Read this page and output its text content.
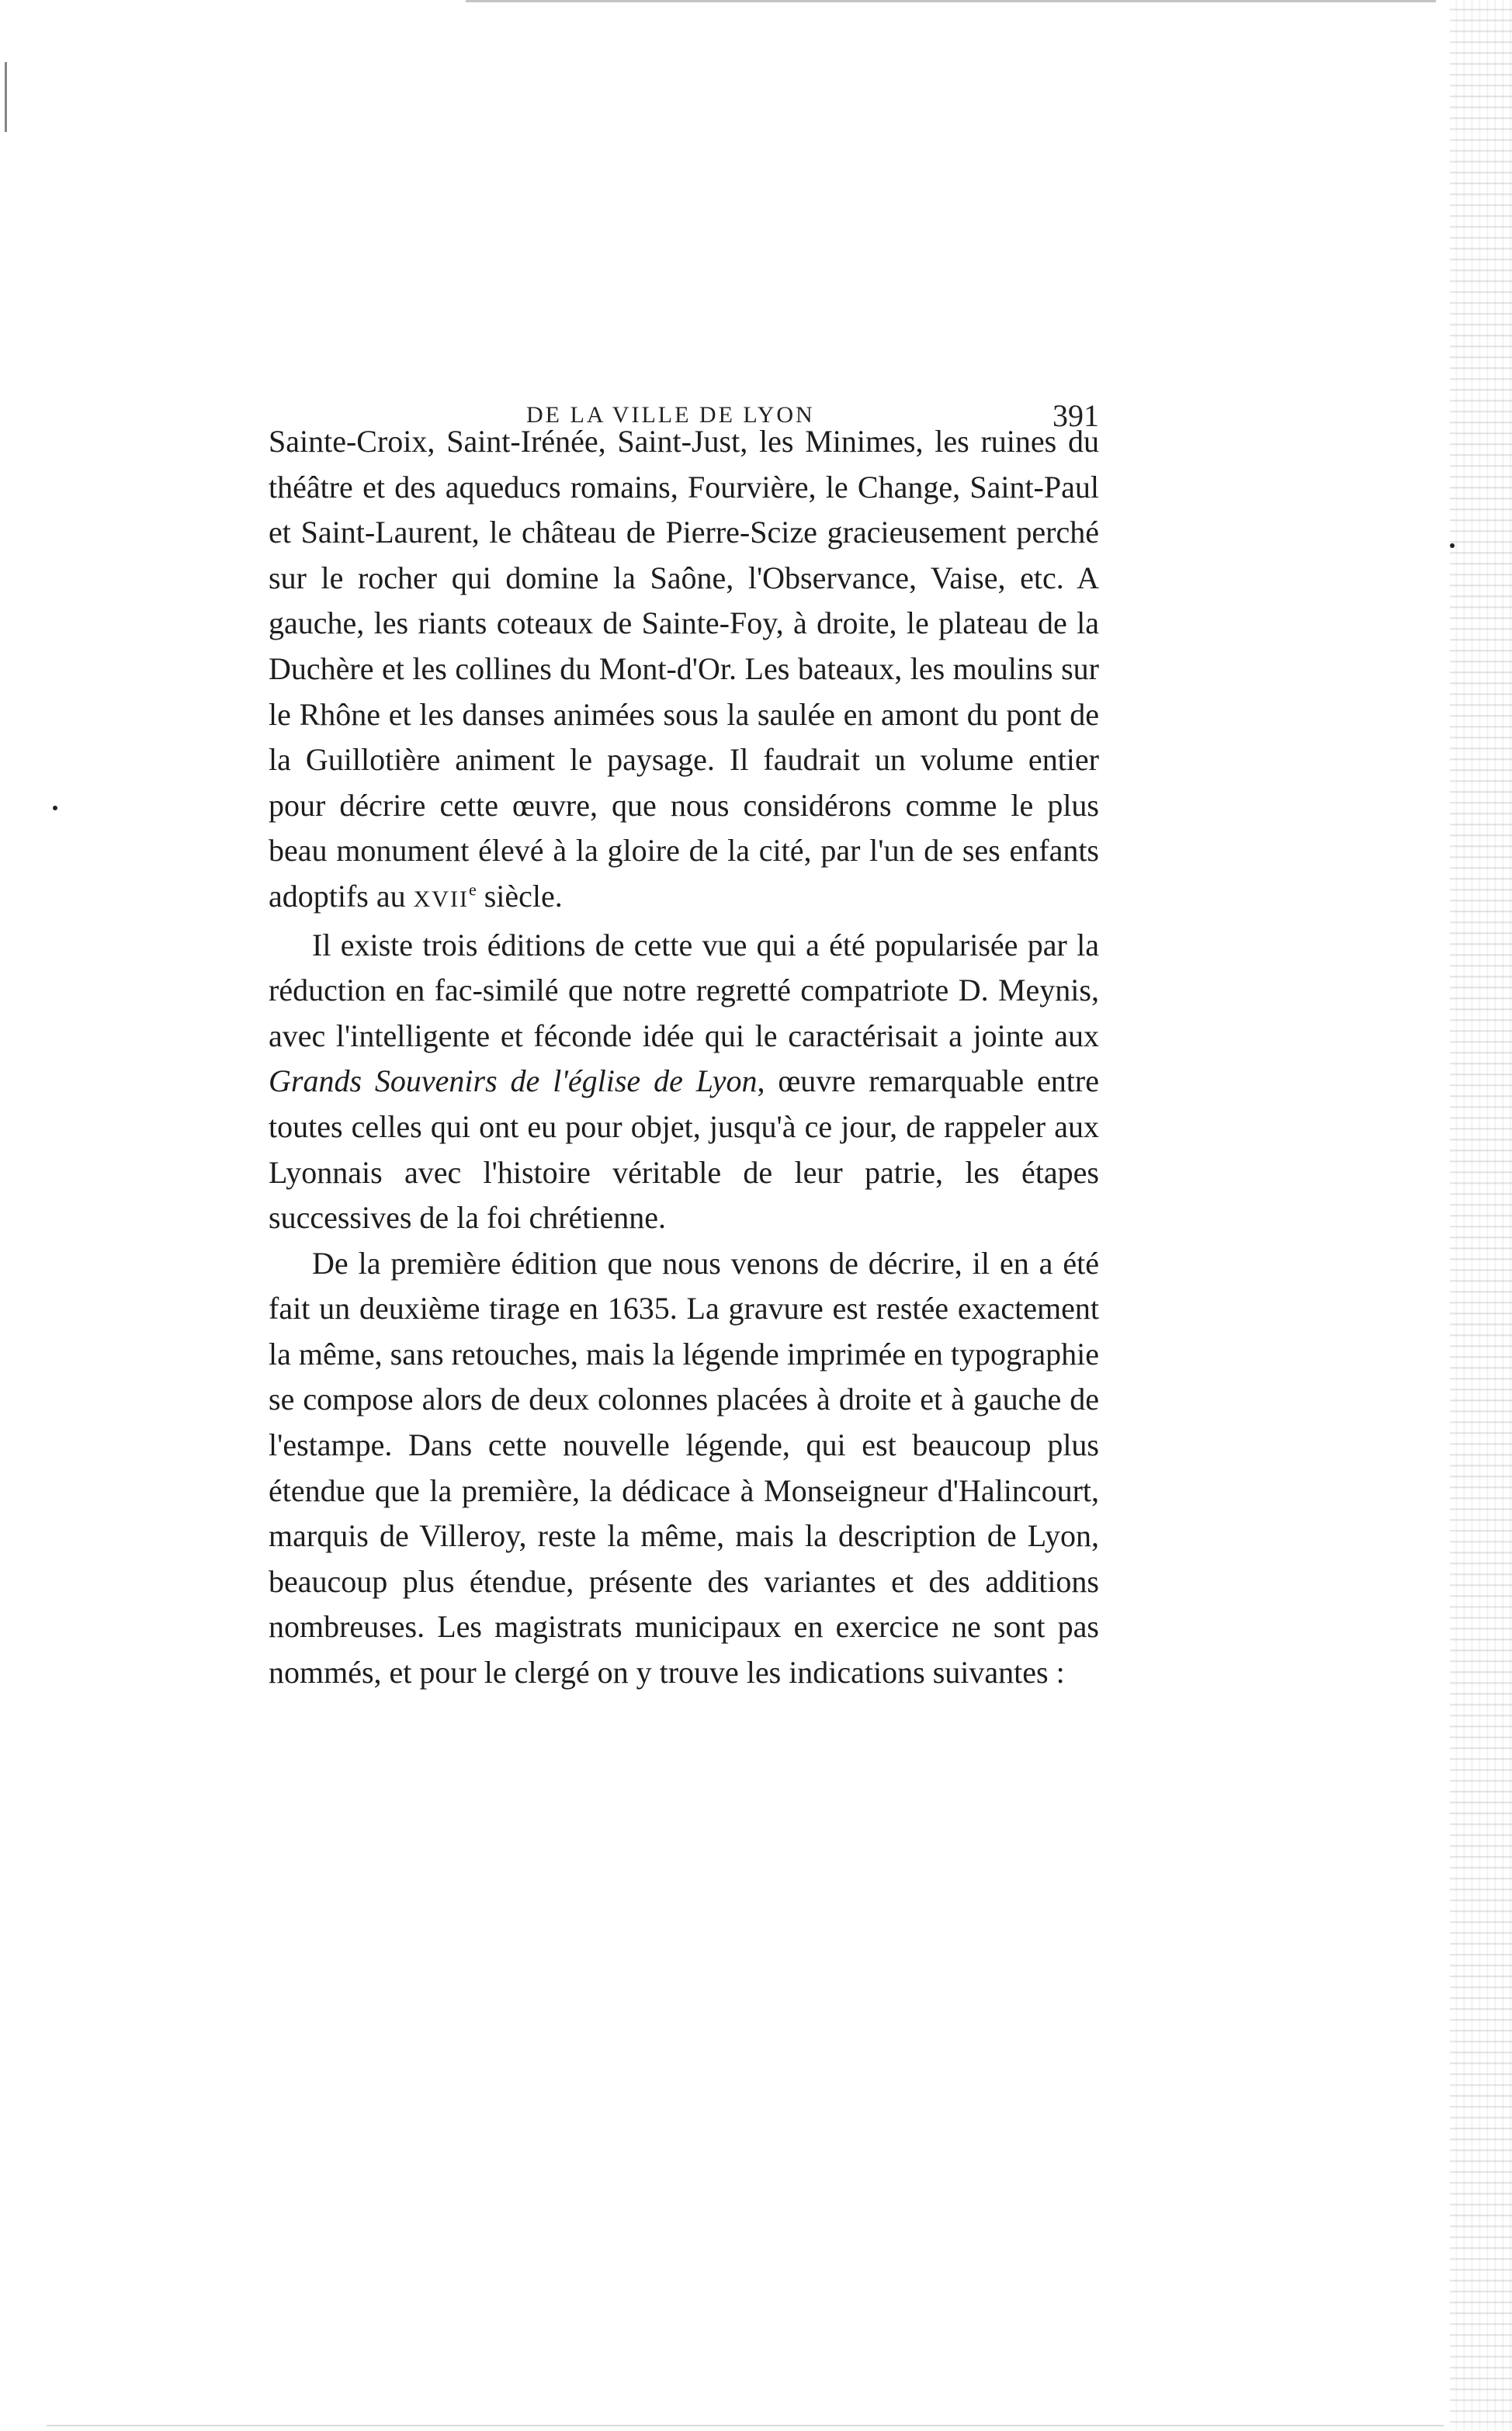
DE LA VILLE DE LYON	391

Sainte-Croix, Saint-Irénée, Saint-Just, les Minimes, les ruines du théâtre et des aqueducs romains, Fourvière, le Change, Saint-Paul et Saint-Laurent, le château de Pierre-Scize gracieusement perché sur le rocher qui domine la Saône, l'Observance, Vaise, etc. A gauche, les riants coteaux de Sainte-Foy, à droite, le plateau de la Duchère et les collines du Mont-d'Or. Les bateaux, les moulins sur le Rhône et les danses animées sous la saulée en amont du pont de la Guillotière animent le paysage. Il faudrait un volume entier pour décrire cette œuvre, que nous considérons comme le plus beau monument élevé à la gloire de la cité, par l'un de ses enfants adoptifs au XVIIe siècle.

Il existe trois éditions de cette vue qui a été popularisée par la réduction en fac-similé que notre regretté compatriote D. Meynis, avec l'intelligente et féconde idée qui le caractérisait a jointe aux Grands Souvenirs de l'église de Lyon, œuvre remarquable entre toutes celles qui ont eu pour objet, jusqu'à ce jour, de rappeler aux Lyonnais avec l'histoire véritable de leur patrie, les étapes successives de la foi chrétienne.

De la première édition que nous venons de décrire, il en a été fait un deuxième tirage en 1635. La gravure est restée exactement la même, sans retouches, mais la légende imprimée en typographie se compose alors de deux colonnes placées à droite et à gauche de l'estampe. Dans cette nouvelle légende, qui est beaucoup plus étendue que la première, la dédicace à Monseigneur d'Halincourt, marquis de Villeroy, reste la même, mais la description de Lyon, beaucoup plus étendue, présente des variantes et des additions nombreuses. Les magistrats municipaux en exercice ne sont pas nommés, et pour le clergé on y trouve les indications suivantes :
